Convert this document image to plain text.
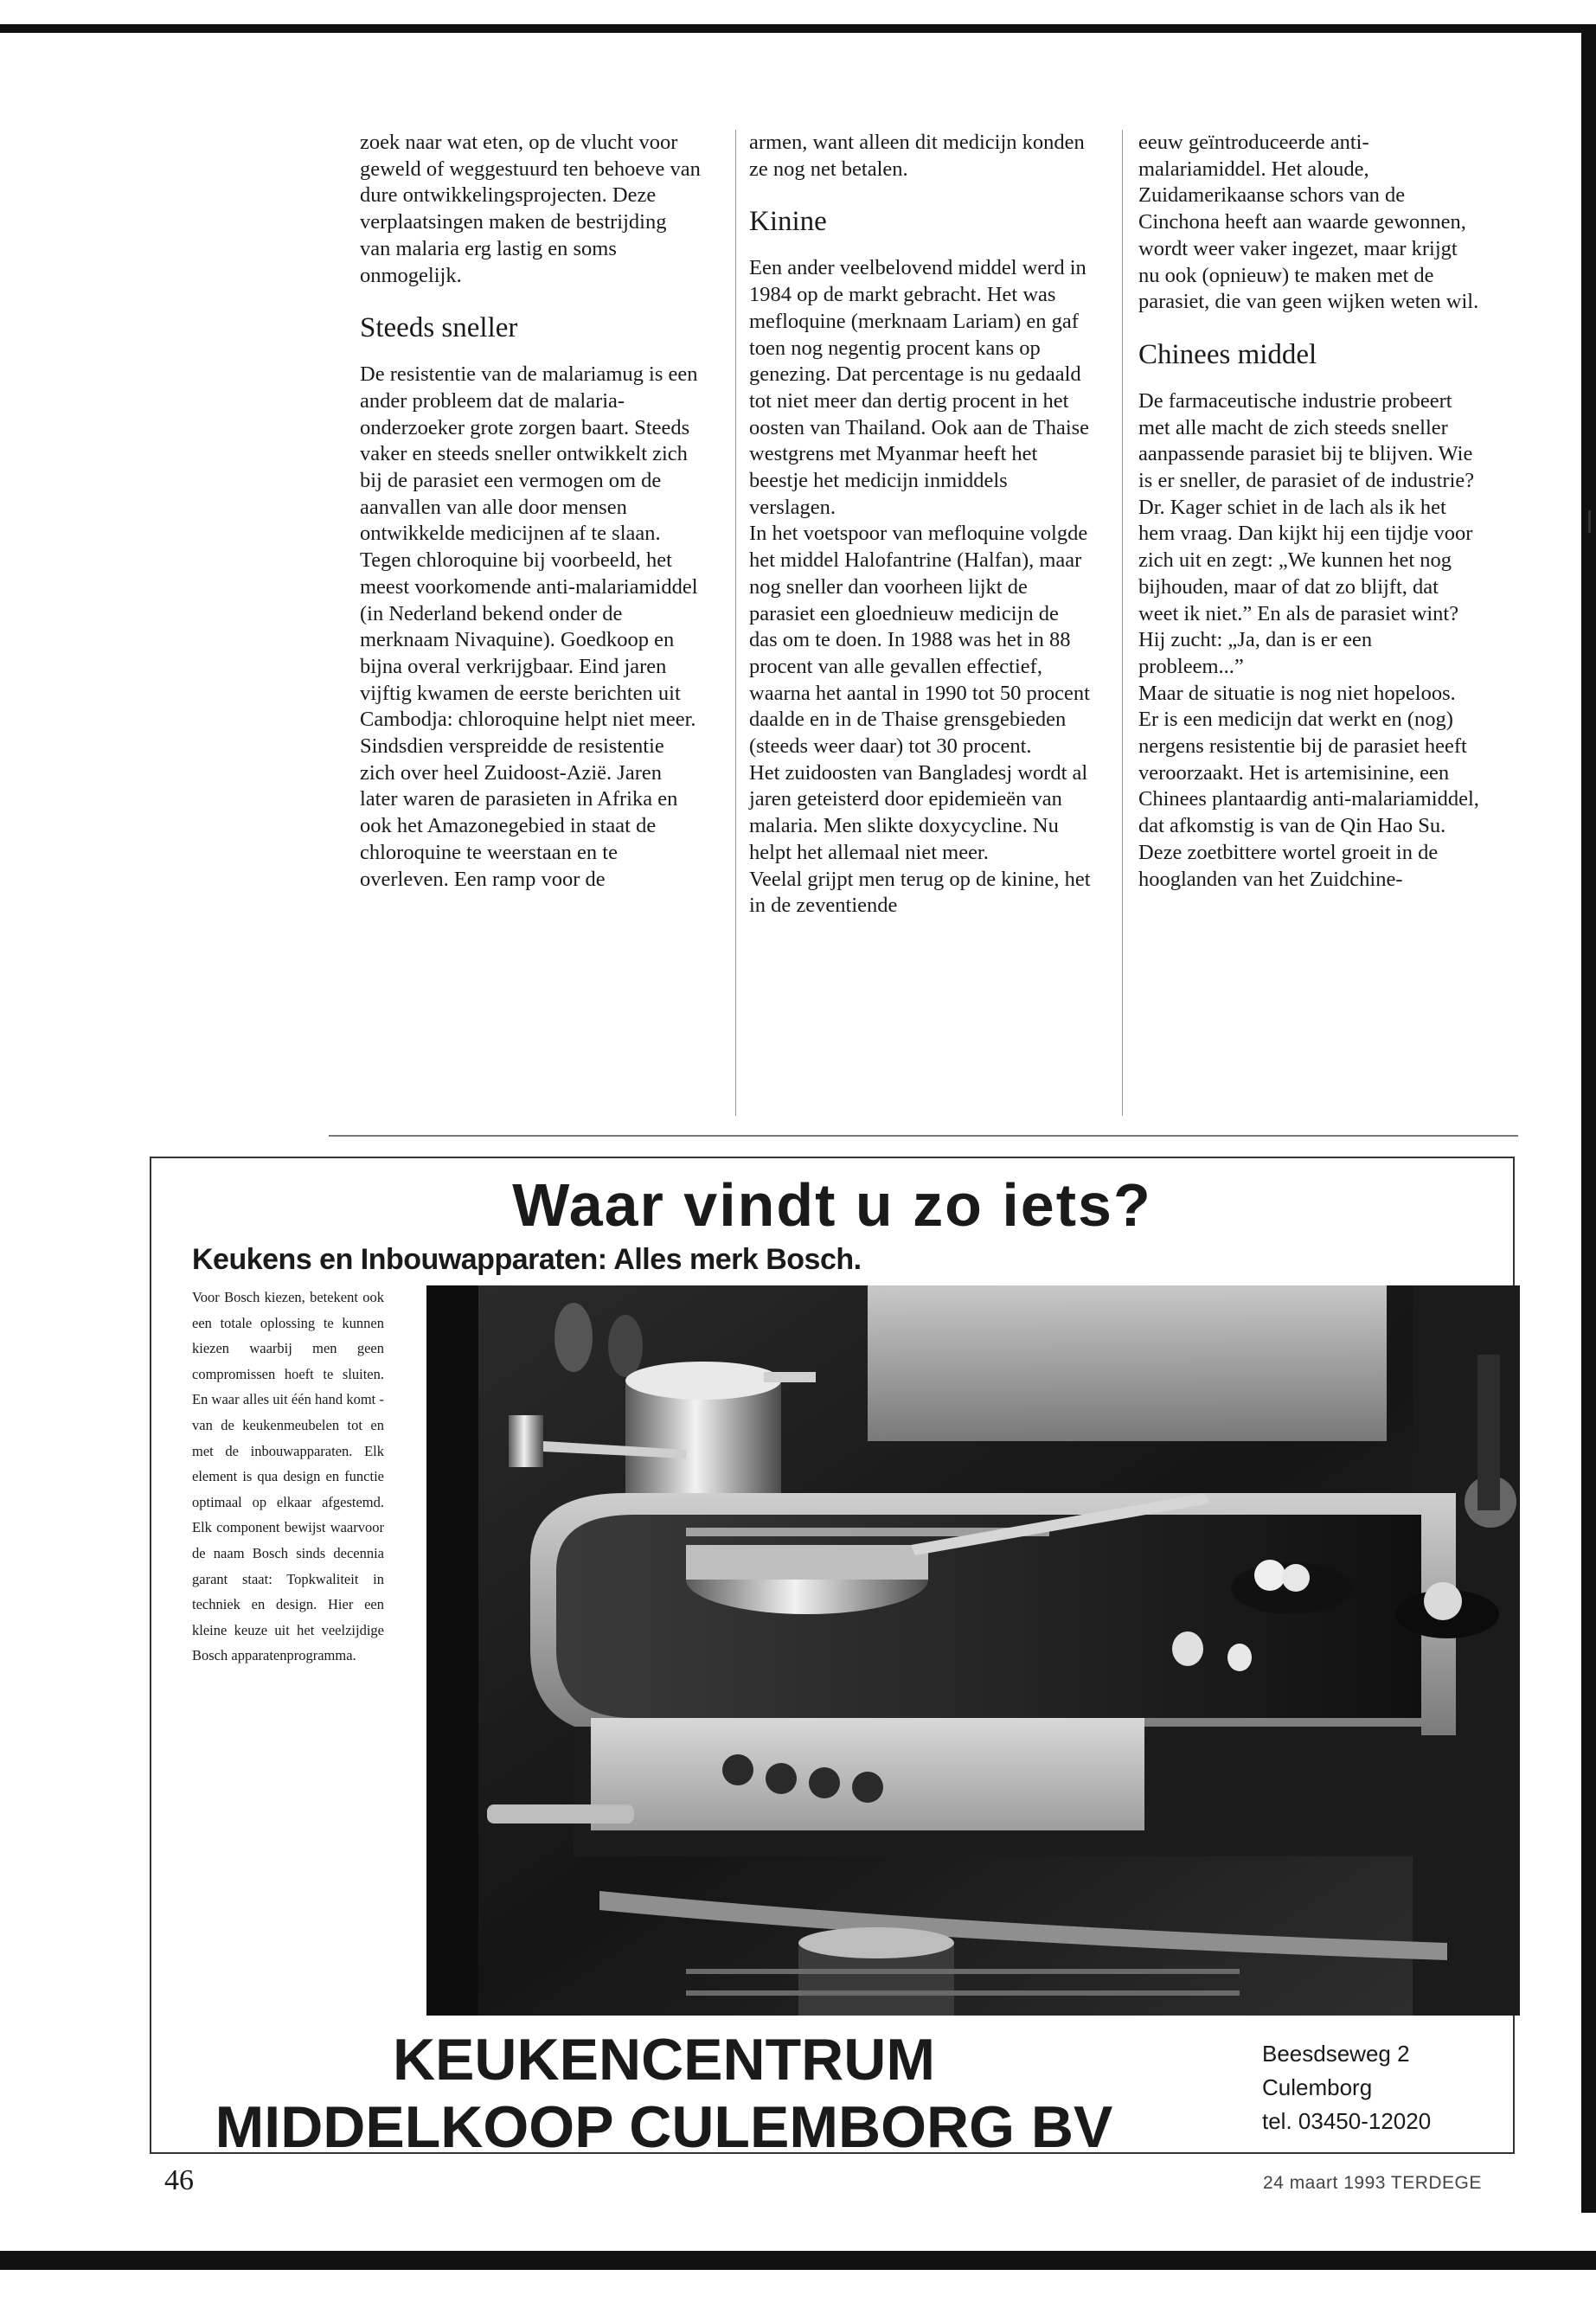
zoek naar wat eten, op de vlucht voor geweld of weggestuurd ten behoeve van dure ontwikkelingsprojecten. Deze verplaatsingen maken de bestrijding van malaria erg lastig en soms onmogelijk.

Steeds sneller

De resistentie van de malariamug is een ander probleem dat de malaria-onderzoeker grote zorgen baart. Steeds vaker en steeds sneller ontwikkelt zich bij de parasiet een vermogen om de aanvallen van alle door mensen ontwikkelde medicijnen af te slaan.

Tegen chloroquine bij voorbeeld, het meest voorkomende anti-malariamiddel (in Nederland bekend onder de merknaam Nivaquine). Goedkoop en bijna overal verkrijgbaar. Eind jaren vijftig kwamen de eerste berichten uit Cambodja: chloroquine helpt niet meer. Sindsdien verspreidde de resistentie zich over heel Zuidoost-Azië. Jaren later waren de parasieten in Afrika en ook het Amazonegebied in staat de chloroquine te weerstaan en te overleven. Een ramp voor de

armen, want alleen dit medicijn konden ze nog net betalen.

Kinine

Een ander veelbelovend middel werd in 1984 op de markt gebracht. Het was mefloquine (merknaam Lariam) en gaf toen nog negentig procent kans op genezing. Dat percentage is nu gedaald tot niet meer dan dertig procent in het oosten van Thailand. Ook aan de Thaise westgrens met Myanmar heeft het beestje het medicijn inmiddels verslagen.

In het voetspoor van mefloquine volgde het middel Halofantrine (Halfan), maar nog sneller dan voorheen lijkt de parasiet een gloednieuw medicijn de das om te doen. In 1988 was het in 88 procent van alle gevallen effectief, waarna het aantal in 1990 tot 50 procent daalde en in de Thaise grensgebieden (steeds weer daar) tot 30 procent.

Het zuidoosten van Bangladesj wordt al jaren geteisterd door epidemieën van malaria. Men slikte doxycycline. Nu helpt het allemaal niet meer.

Veelal grijpt men terug op de kinine, het in de zeventiende

eeuw geïntroduceerde anti-malariamiddel. Het aloude, Zuidamerikaanse schors van de Cinchona heeft aan waarde gewonnen, wordt weer vaker ingezet, maar krijgt nu ook (opnieuw) te maken met de parasiet, die van geen wijken weten wil.

Chinees middel

De farmaceutische industrie probeert met alle macht de zich steeds sneller aanpassende parasiet bij te blijven. Wie is er sneller, de parasiet of de industrie? Dr. Kager schiet in de lach als ik het hem vraag. Dan kijkt hij een tijdje voor zich uit en zegt: „We kunnen het nog bijhouden, maar of dat zo blijft, dat weet ik niet.” En als de parasiet wint? Hij zucht: „Ja, dan is er een probleem...”

Maar de situatie is nog niet hopeloos. Er is een medicijn dat werkt en (nog) nergens resistentie bij de parasiet heeft veroorzaakt. Het is artemisinine, een Chinees plantaardig anti-malariamiddel, dat afkomstig is van de Qin Hao Su. Deze zoetbittere wortel groeit in de hooglanden van het Zuidchine-

Waar vindt u zo iets?
Keukens en Inbouwapparaten: Alles merk Bosch.
Voor Bosch kiezen, betekent ook een totale oplossing te kunnen kiezen waarbij men geen compromissen hoeft te sluiten. En waar alles uit één hand komt - van de keukenmeubelen tot en met de inbouwapparaten. Elk element is qua design en functie optimaal op elkaar afgestemd. Elk component bewijst waarvoor de naam Bosch sinds decennia garant staat: Topkwaliteit in techniek en design. Hier een kleine keuze uit het veelzijdige Bosch apparatenprogramma.
KEUKENCENTRUM
MIDDELKOOP CULEMBORG BV
Beesdseweg 2
Culemborg
tel. 03450-12020
46	24 maart 1993 TERDEGE
